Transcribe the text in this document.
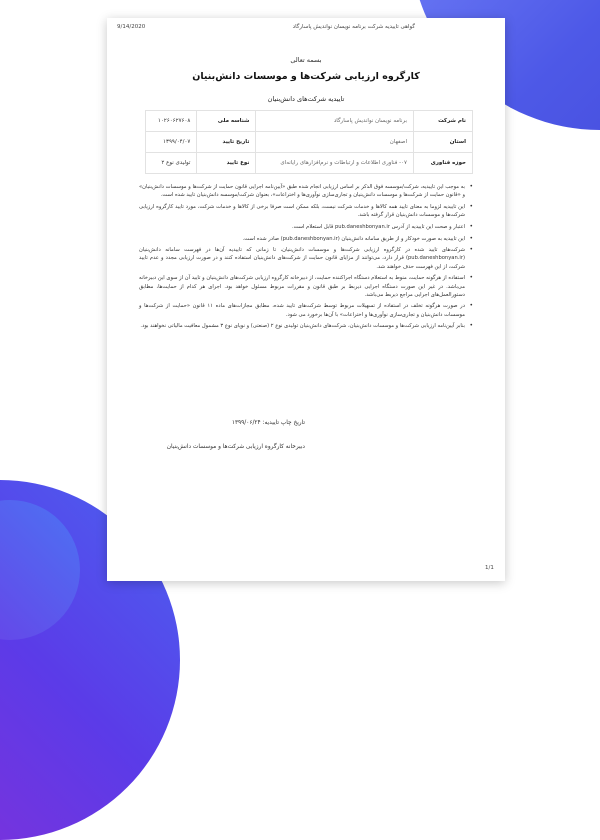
9/14/2020	گواهی تاییدیه شرکت برنامه نویسان نوانديش پاسارگاد
بسمه تعالی
کارگروه ارزیابی شرکت‌ها و موسسات دانش‌بنیان
تاییدیه شرکت‌های دانش‌بنیان
نام شرکت	برنامه نویسان نوانديش پاسارگاد	شناسه ملی	۱۰۲۶۰۶۲۷۶۰۸
استان	اصفهان	تاریخ تایید	۱۳۹۹/۰۴/۰۷
حوزه فناوری	۰۷- فناوری اطلاعات و ارتباطات و نرم‌افزارهای رایانه‌ای	نوع تایید	تولیدی نوع ۲
• به موجب این تاییدیه، شرکت/موسسه فوق الذکر بر اساس ارزیابی انجام شده طبق «آیین‌نامه اجرایی قانون حمایت از شرکت‌ها و موسسات دانش‌بنیان» و «قانون حمایت از شرکت‌ها و موسسات دانش‌بنیان و تجاری‌سازی نوآوری‌ها و اختراعات»، بعنوان شرکت/موسسه دانش‌بنیان تایید شده است.
• این تاییدیه لزوما به معنای تایید همه کالاها و خدمات شرکت نیست، بلکه ممکن است صرفا برخی از کالاها و خدمات شرکت، مورد تایید کارگروه ارزیابی شرکت‌ها و موسسات دانش‌بنیان قرار گرفته باشد.
• اعتبار و صحت این تاییدیه از آدرس pub.daneshbonyan.ir قابل استعلام است.
• این تاییدیه به صورت خودکار و از طریق سامانه دانش‌بنیان (pub.daneshbonyan.ir) صادر شده است.
• شرکت‌های تایید شده در کارگروه ارزیابی شرکت‌ها و موسسات دانش‌بنیان، تا زمانی که تاییدیه آن‌ها در فهرست سامانه دانش‌بنیان (pub.daneshbonyan.ir) قرار دارد، می‌توانند از مزایای قانون حمایت از شرکت‌های دانش‌بنیان استفاده کنند و در صورت ارزیابی مجدد و عدم تایید شرکت، از این فهرست حذف خواهند شد.
• استفاده از هرگونه حمایت، منوط به استعلام دستگاه اجراکننده حمایت، از دبیرخانه کارگروه ارزیابی شرکت‌های دانش‌بنیان و تایید آن از سوی این دبیرخانه می‌باشد. در غیر این صورت دستگاه اجرایی ذیربط بر طبق قانون و مقررات مربوط مسئول خواهد بود. اجرای هر کدام از حمایت‌ها، مطابق دستورالعمل‌های اجرایی مراجع ذیربط می‌باشد.
• در صورت هرگونه تخلف در استفاده از تسهیلات مربوط توسط شرکت‌های تایید شده، مطابق مجازات‌های ماده ۱۱ قانون «حمایت از شرکت‌ها و موسسات دانش‌بنیان و تجاری‌سازی نوآوری‌ها و اختراعات» با آن‌ها برخورد می شود.
• بنابر آیین‌نامه ارزیابی شرکت‌ها و موسسات دانش‌بنیان، شرکت‌های دانش‌بنیان تولیدی نوع ۲ (صنعتی) و نوپای نوع ۳ مشمول معافیت مالیاتی نخواهند بود.
تاریخ چاپ تاییدیه: ۱۳۹۹/۰۶/۲۴
دبیرخانه کارگروه ارزیابی شرکت‌ها و موسسات دانش‌بنیان
1/1
